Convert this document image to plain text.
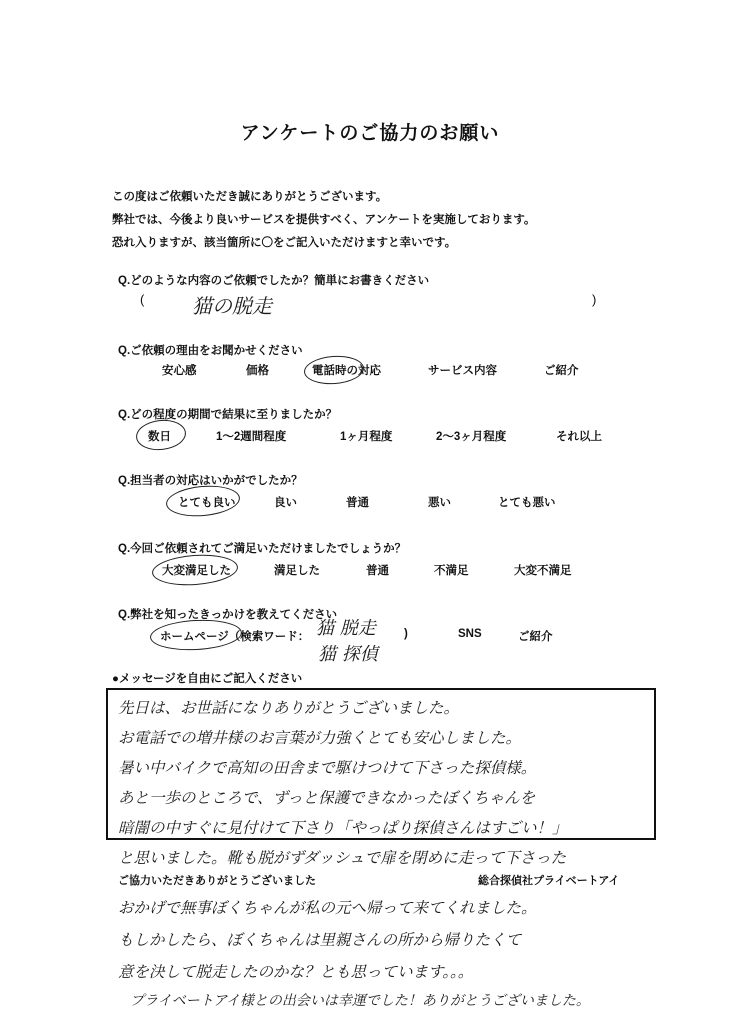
アンケートのご協力のお願い
この度はご依頼いただき誠にありがとうございます。
弊社では、今後より良いサービスを提供すべく、アンケートを実施しております。
恐れ入りますが、該当箇所に〇をご記入いただけますと幸いです。
Q.どのような内容のご依頼でしたか？簡単にお書きください
( 猫の脱走	)
Q.ご依頼の理由をお聞かせください
安心感	価格	電話時の対応	サービス内容	ご紹介
Q.どの程度の期間で結果に至りましたか？
数日	1～2週間程度	1ヶ月程度	2～3ヶ月程度	それ以上
Q.担当者の対応はいかがでしたか？
とても良い	良い	普通	悪い	とても悪い
Q.今回ご依頼されてご満足いただけましたでしょうか？
大変満足した	満足した	普通	不満足	大変不満足
Q.弊社を知ったきっかけを教えてください
ホームページ（検索ワード： 猫 脱走
猫 探偵
)	SNS	ご紹介
●メッセージを自由にご記入ください
先日は、お世話になりありがとうございました。
お電話での増井様のお言葉が力強くとても安心しました。
暑い中バイクで高知の田舎まで駆けつけて下さった探偵様。
あと一歩のところで、ずっと保護できなかったぼくちゃんを
暗闇の中すぐに見付けて下さり「やっぱり探偵さんはすごい！」
と思いました。靴も脱がずダッシュで扉を閉めに走って下さった
ご協力いただきありがとうございました	総合探偵社プライベートアイ
おかげで無事ぼくちゃんが私の元へ帰って来てくれました。
もしかしたら、ぼくちゃんは里親さんの所から帰りたくて
意を決して脱走したのかな？とも思っています。。。
プライベートアイ様との出会いは幸運でした！ありがとうございました。
